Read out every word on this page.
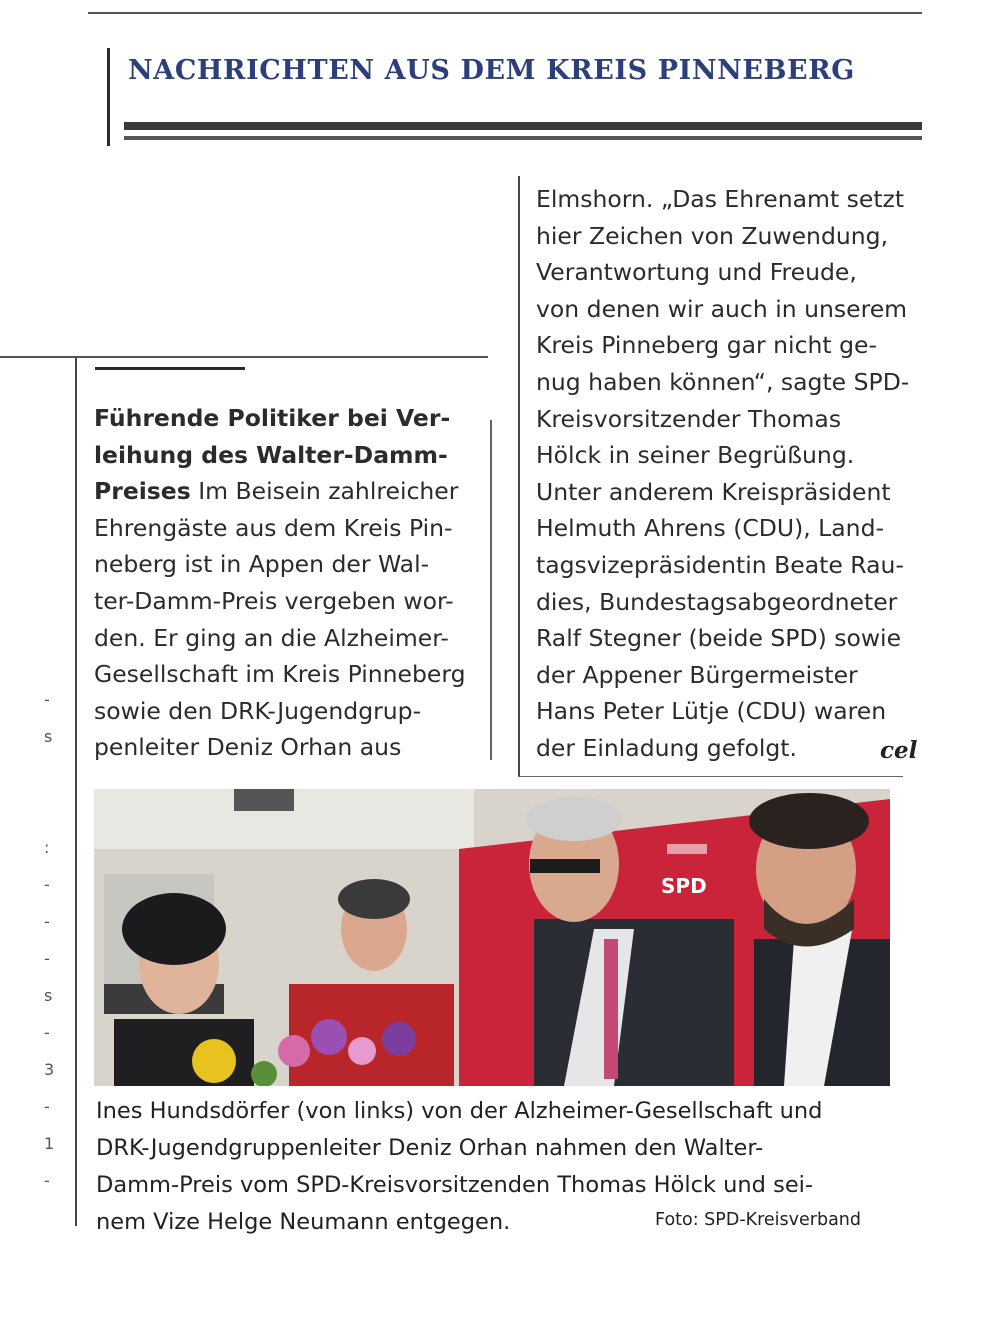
NACHRICHTEN AUS DEM KREIS PINNEBERG
Führende Politiker bei Ver-
leihung des Walter-Damm-
Preises Im Beisein zahlreicher
Ehrengäste aus dem Kreis Pin-
neberg ist in Appen der Wal-
ter-Damm-Preis vergeben wor-
den. Er ging an die Alzheimer-
Gesellschaft im Kreis Pinneberg
sowie den DRK-Jugendgrup-
penleiter Deniz Orhan aus
Elmshorn. „Das Ehrenamt setzt
hier Zeichen von Zuwendung,
Verantwortung und Freude,
von denen wir auch in unserem
Kreis Pinneberg gar nicht ge-
nug haben können“, sagte SPD-
Kreisvorsitzender Thomas
Hölck in seiner Begrüßung.
Unter anderem Kreispräsident
Helmuth Ahrens (CDU), Land-
tagsvizepräsidentin Beate Rau-
dies, Bundestagsabgeordneter
Ralf Stegner (beide SPD) sowie
der Appener Bürgermeister
Hans Peter Lütje (CDU) waren
der Einladung gefolgt.	cel
SPD
Ines Hundsdörfer (von links) von der Alzheimer-Gesellschaft und
DRK-Jugendgruppenleiter Deniz Orhan nahmen den Walter-
Damm-Preis vom SPD-Kreisvorsitzenden Thomas Hölck und sei-
nem Vize Helge Neumann entgegen.	Foto: SPD-Kreisverband
-
s
:
-
-
-
s
-
3
-
1
-
